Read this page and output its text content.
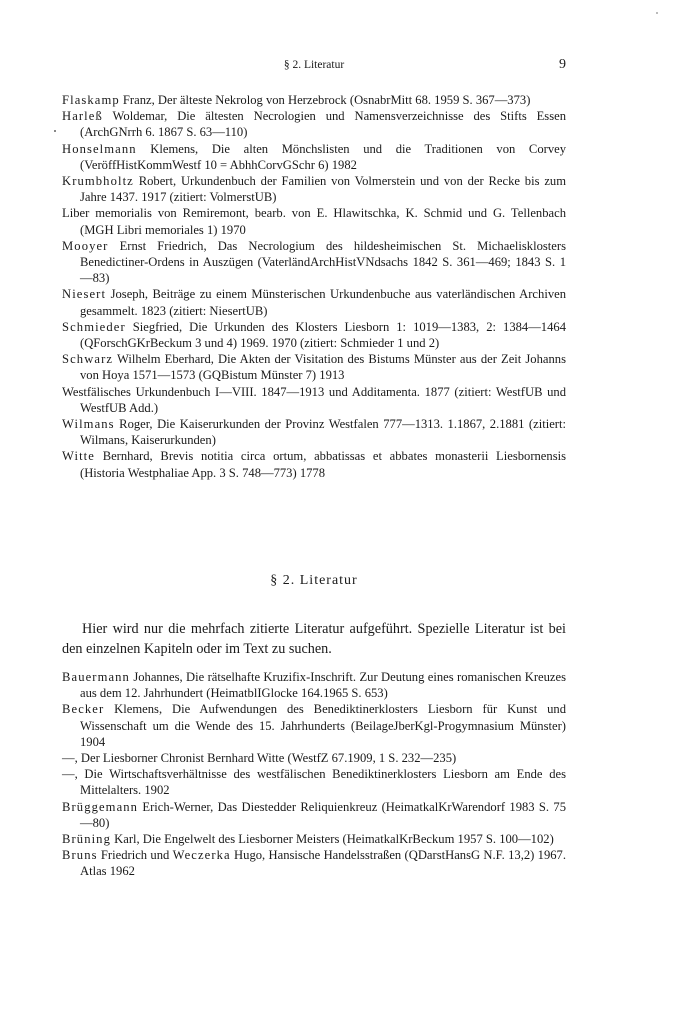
§ 2. Literatur	9

Flaskamp Franz, Der älteste Nekrolog von Herzebrock (OsnabrMitt 68. 1959 S. 367—373)

Harleß Woldemar, Die ältesten Necrologien und Namensverzeichnisse des Stifts Essen (ArchGNrrh 6. 1867 S. 63—110)

Honselmann Klemens, Die alten Mönchslisten und die Traditionen von Corvey (VeröffHistKommWestf 10 = AbhhCorvGSchr 6) 1982

Krumbholtz Robert, Urkundenbuch der Familien von Volmerstein und von der Recke bis zum Jahre 1437. 1917 (zitiert: VolmerstUB)

Liber memorialis von Remiremont, bearb. von E. Hlawitschka, K. Schmid und G. Tellenbach (MGH Libri memoriales 1) 1970

Mooyer Ernst Friedrich, Das Necrologium des hildesheimischen St. Michaelisklosters Benedictiner-Ordens in Auszügen (VaterländArchHistVNdsachs 1842 S. 361—469; 1843 S. 1—83)

Niesert Joseph, Beiträge zu einem Münsterischen Urkundenbuche aus vaterländischen Archiven gesammelt. 1823 (zitiert: NiesertUB)

Schmieder Siegfried, Die Urkunden des Klosters Liesborn 1: 1019—1383, 2: 1384—1464 (QForschGKrBeckum 3 und 4) 1969. 1970 (zitiert: Schmieder 1 und 2)

Schwarz Wilhelm Eberhard, Die Akten der Visitation des Bistums Münster aus der Zeit Johanns von Hoya 1571—1573 (GQBistum Münster 7) 1913

Westfälisches Urkundenbuch I—VIII. 1847—1913 und Additamenta. 1877 (zitiert: WestfUB und WestfUB Add.)

Wilmans Roger, Die Kaiserurkunden der Provinz Westfalen 777—1313. 1.1867, 2.1881 (zitiert: Wilmans, Kaiserurkunden)

Witte Bernhard, Brevis notitia circa ortum, abbatissas et abbates monasterii Liesbornensis (Historia Westphaliae App. 3 S. 748—773) 1778

§ 2. Literatur

Hier wird nur die mehrfach zitierte Literatur aufgeführt. Spezielle Literatur ist bei den einzelnen Kapiteln oder im Text zu suchen.

Bauermann Johannes, Die rätselhafte Kruzifix-Inschrift. Zur Deutung eines romanischen Kreuzes aus dem 12. Jahrhundert (HeimatblIGlocke 164.1965 S. 653)

Becker Klemens, Die Aufwendungen des Benediktinerklosters Liesborn für Kunst und Wissenschaft um die Wende des 15. Jahrhunderts (BeilageJberKgl-Progymnasium Münster) 1904

—, Der Liesborner Chronist Bernhard Witte (WestfZ 67.1909, 1 S. 232—235)

—, Die Wirtschaftsverhältnisse des westfälischen Benediktinerklosters Liesborn am Ende des Mittelalters. 1902

Brüggemann Erich-Werner, Das Diestedder Reliquienkreuz (HeimatkalKrWarendorf 1983 S. 75—80)

Brüning Karl, Die Engelwelt des Liesborner Meisters (HeimatkalKrBeckum 1957 S. 100—102)

Bruns Friedrich und Weczerka Hugo, Hansische Handelsstraßen (QDarstHansG N.F. 13,2) 1967. Atlas 1962
